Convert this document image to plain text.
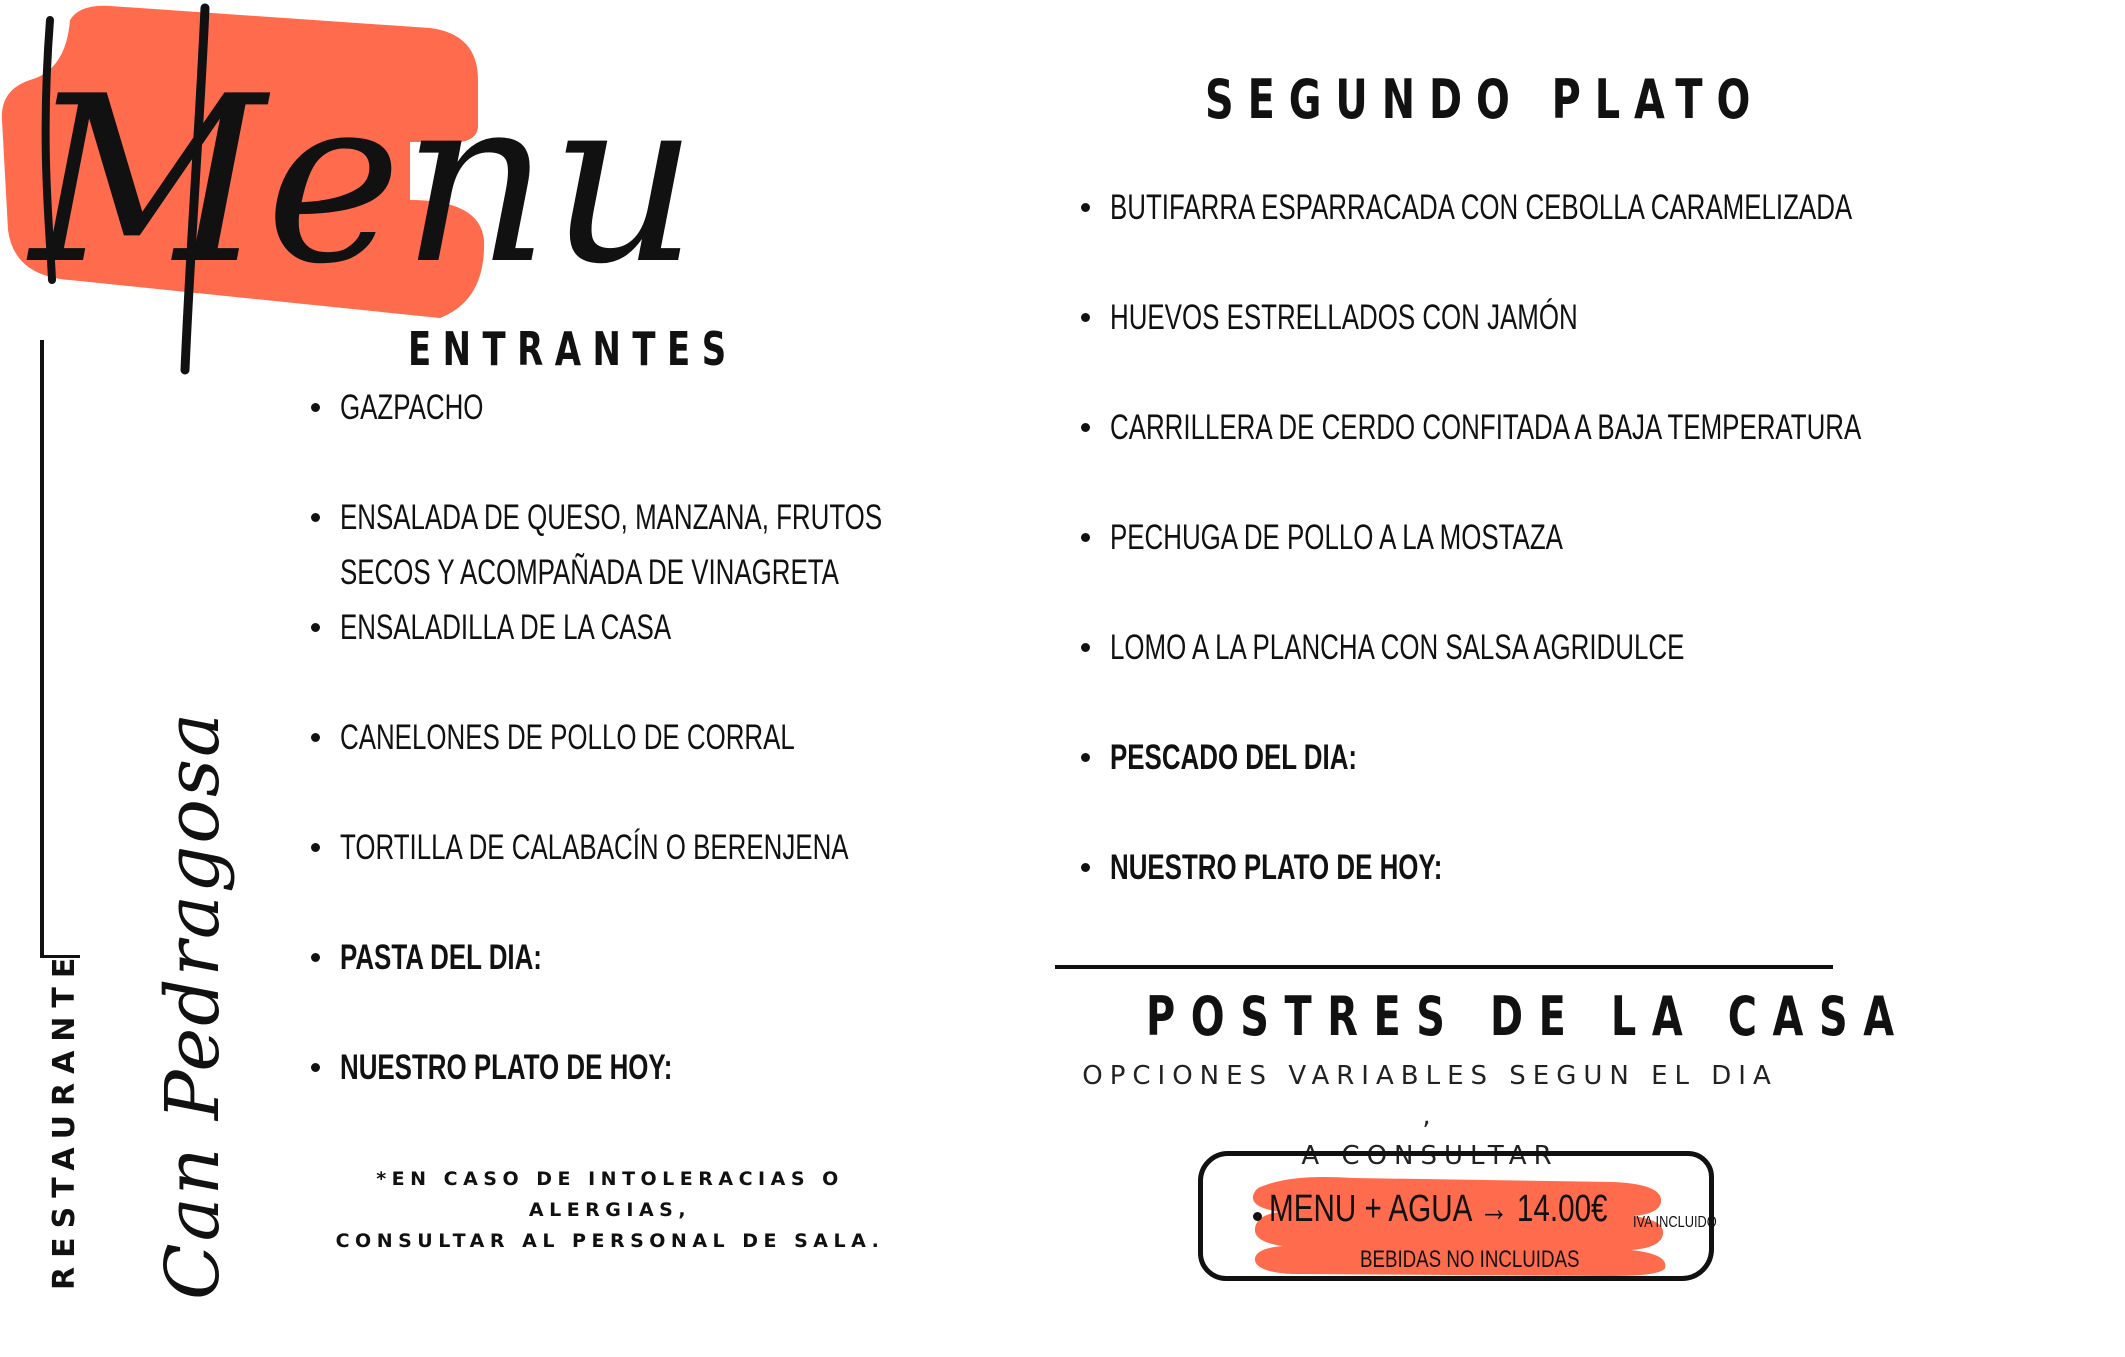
Menu
RESTAURANTE Can Pedragosa
ENTRANTES
GAZPACHO
ENSALADA DE QUESO, MANZANA, FRUTOS
SECOS Y ACOMPAÑADA DE VINAGRETA
ENSALADILLA DE LA CASA
CANELONES DE POLLO DE CORRAL
TORTILLA DE CALABACÍN O BERENJENA
PASTA DEL DIA:
NUESTRO PLATO DE HOY:
*EN CASO DE INTOLERACIAS O ALERGIAS,
CONSULTAR AL PERSONAL DE SALA.
SEGUNDO PLATO
BUTIFARRA ESPARRACADA CON CEBOLLA CARAMELIZADA
HUEVOS ESTRELLADOS CON JAMÓN
CARRILLERA DE CERDO CONFITADA A BAJA TEMPERATURA
PECHUGA DE POLLO A LA MOSTAZA
LOMO A LA PLANCHA CON SALSA AGRIDULCE
PESCADO DEL DIA:
NUESTRO PLATO DE HOY:
POSTRES DE LA CASA
OPCIONES VARIABLES SEGUN EL DIA ,
A CONSULTAR
MENU + AGUA → 14.00€ IVA INCLUIDO
BEBIDAS NO INCLUIDAS
